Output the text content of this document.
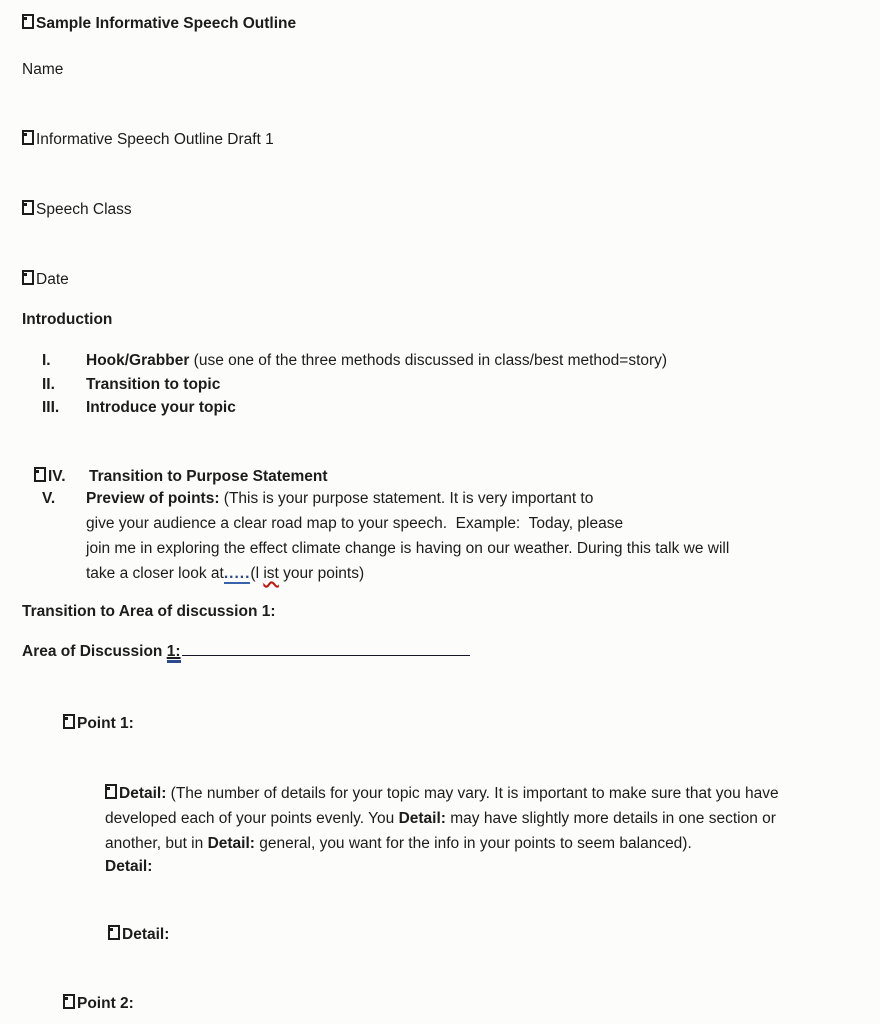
Sample Informative Speech Outline
Name
Informative Speech Outline Draft 1
Speech Class
Date
Introduction
I. Hook/Grabber (use one of the three methods discussed in class/best method=story)
II. Transition to topic
III. Introduce your topic
IV. Transition to Purpose Statement
V. Preview of points: (This is your purpose statement. It is very important to
give your audience a clear road map to your speech.  Example:  Today, please
join me in exploring the effect climate change is having on our weather. During this talk we will
take a closer look at.....(l ist your points)
Transition to Area of discussion 1:
Area of Discussion 1:
Point 1:
Detail: (The number of details for your topic may vary. It is important to make sure that you have
developed each of your points evenly. You Detail: may have slightly more details in one section or
another, but in Detail: general, you want for the info in your points to seem balanced).
Detail:
Detail:
Point 2:
